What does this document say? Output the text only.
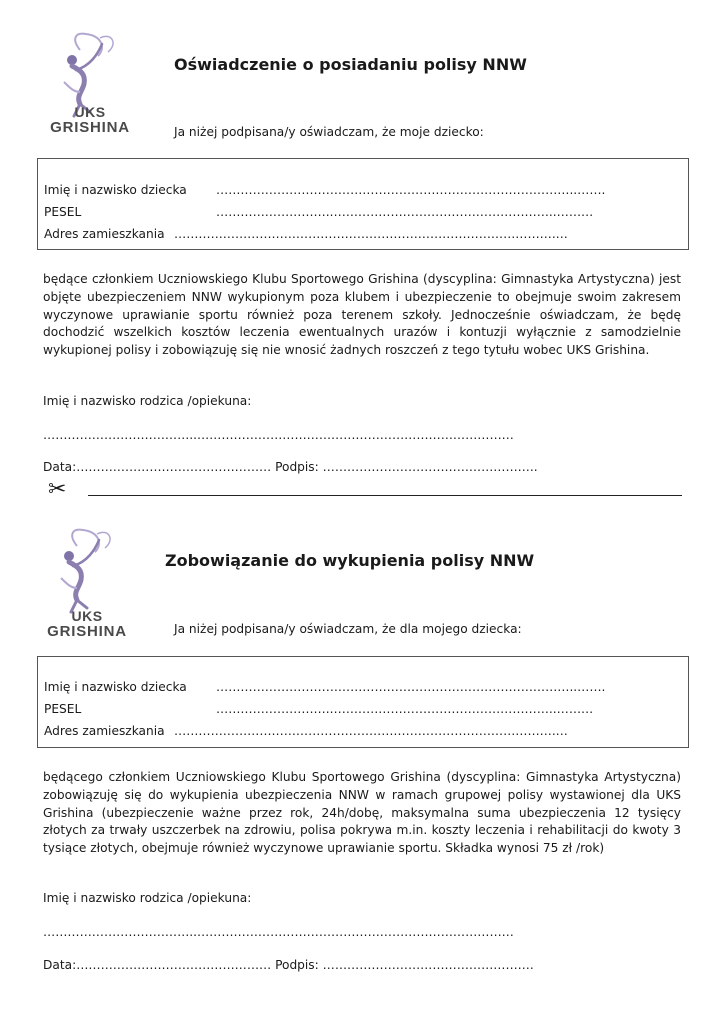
UKS
GRISHINA
Oświadczenie o posiadaniu polisy NNW
Ja niżej podpisana/y oświadczam, że moje dziecko:
Imię i nazwisko dziecka ……………………………………………………………………………..…….
PESEL	……………………….………………………………………………..………
Adres zamieszkania ………………………………………………………………………………….…
będące członkiem Uczniowskiego Klubu Sportowego Grishina (dyscyplina: Gimnastyka Artystyczna) jest objęte ubezpieczeniem NNW wykupionym poza klubem i ubezpieczenie to obejmuje swoim zakresem wyczynowe uprawianie sportu również poza terenem szkoły. Jednocześnie oświadczam, że będę dochodzić wszelkich kosztów leczenia ewentualnych urazów i kontuzji wyłącznie z samodzielnie wykupionej polisy i zobowiązuję się nie wnosić żadnych roszczeń z tego tytułu wobec UKS Grishina.
Imię i nazwisko rodzica /opiekuna:
………………………………..……………………………………………………………………
Data:………………………………………… Podpis: ……………………………………………..
✂
UKS
GRISHINA
Zobowiązanie do wykupienia polisy NNW
Ja niżej podpisana/y oświadczam, że dla mojego dziecka:
Imię i nazwisko dziecka ……………………………………………………………………………..…….
PESEL	……………………….………………………………………………..………
Adres zamieszkania ………………………………………………………………………………….…
będącego członkiem Uczniowskiego Klubu Sportowego Grishina (dyscyplina: Gimnastyka Artystyczna) zobowiązuję się do wykupienia ubezpieczenia NNW w ramach grupowej polisy wystawionej dla UKS Grishina (ubezpieczenie ważne przez rok, 24h/dobę, maksymalna suma ubezpieczenia 12 tysięcy złotych za trwały uszczerbek na zdrowiu, polisa pokrywa m.in. koszty leczenia i rehabilitacji do kwoty 3 tysiące złotych, obejmuje również wyczynowe uprawianie sportu. Składka wynosi 75 zł /rok)
Imię i nazwisko rodzica /opiekuna:
………………………………..……………………………………………………………………
Data:………………………………………… Podpis: …………………………………………….
